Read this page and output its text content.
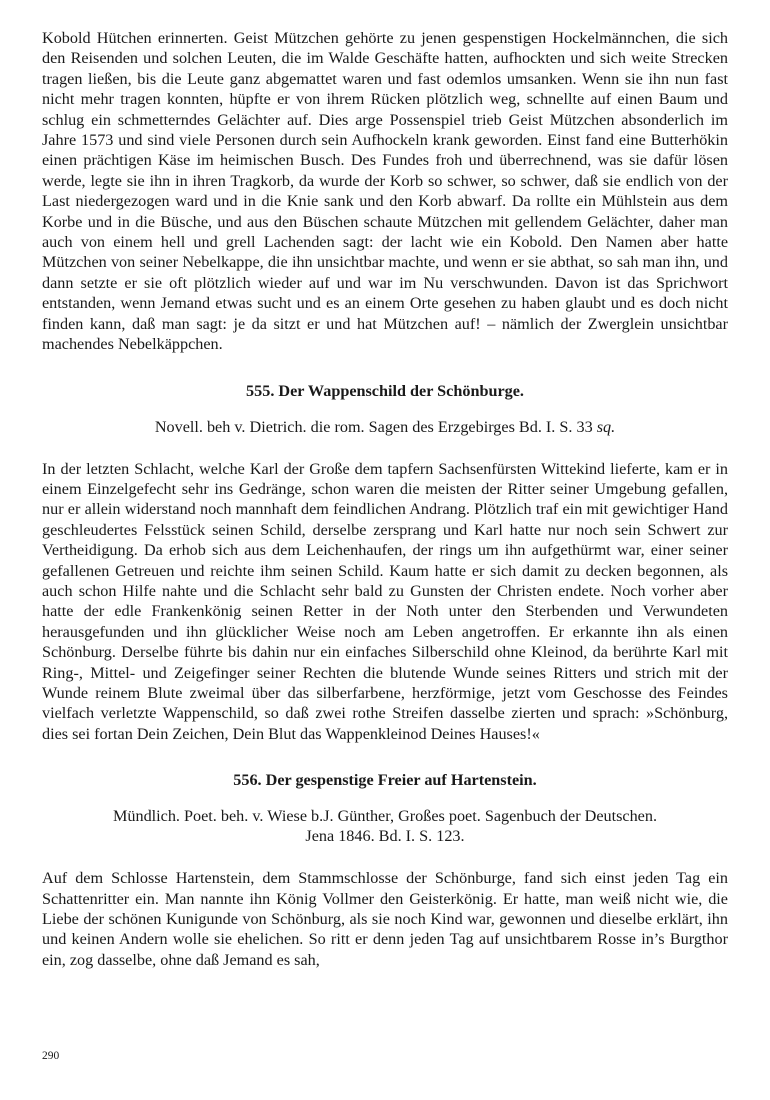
Kobold Hütchen erinnerten. Geist Mützchen gehörte zu jenen gespenstigen Hockelmännchen, die sich den Reisenden und solchen Leuten, die im Walde Geschäfte hatten, aufhockten und sich weite Strecken tragen ließen, bis die Leute ganz abgemattet waren und fast odemlos umsanken. Wenn sie ihn nun fast nicht mehr tragen konnten, hüpfte er von ihrem Rücken plötzlich weg, schnellte auf einen Baum und schlug ein schmetterndes Gelächter auf. Dies arge Possenspiel trieb Geist Mützchen absonderlich im Jahre 1573 und sind viele Personen durch sein Aufhockeln krank geworden. Einst fand eine Butterhökin einen prächtigen Käse im heimischen Busch. Des Fundes froh und überrechnend, was sie dafür lösen werde, legte sie ihn in ihren Tragkorb, da wurde der Korb so schwer, so schwer, daß sie endlich von der Last niedergezogen ward und in die Knie sank und den Korb abwarf. Da rollte ein Mühlstein aus dem Korbe und in die Büsche, und aus den Büschen schaute Mützchen mit gellendem Gelächter, daher man auch von einem hell und grell Lachenden sagt: der lacht wie ein Kobold. Den Namen aber hatte Mützchen von seiner Nebelkappe, die ihn unsichtbar machte, und wenn er sie abthat, so sah man ihn, und dann setzte er sie oft plötzlich wieder auf und war im Nu verschwunden. Davon ist das Sprichwort entstanden, wenn Jemand etwas sucht und es an einem Orte gesehen zu haben glaubt und es doch nicht finden kann, daß man sagt: je da sitzt er und hat Mützchen auf! – nämlich der Zwerglein unsichtbar machendes Nebelkäppchen.

555. Der Wappenschild der Schönburge.

Novell. beh v. Dietrich. die rom. Sagen des Erzgebirges Bd. I. S. 33 sq.

In der letzten Schlacht, welche Karl der Große dem tapfern Sachsenfürsten Wittekind lieferte, kam er in einem Einzelgefecht sehr ins Gedränge, schon waren die meisten der Ritter seiner Umgebung gefallen, nur er allein widerstand noch mannhaft dem feindlichen Andrang. Plötzlich traf ein mit gewichtiger Hand geschleudertes Felsstück seinen Schild, derselbe zersprang und Karl hatte nur noch sein Schwert zur Vertheidigung. Da erhob sich aus dem Leichenhaufen, der rings um ihn aufgethürmt war, einer seiner gefallenen Getreuen und reichte ihm seinen Schild. Kaum hatte er sich damit zu decken begonnen, als auch schon Hilfe nahte und die Schlacht sehr bald zu Gunsten der Christen endete. Noch vorher aber hatte der edle Frankenkönig seinen Retter in der Noth unter den Sterbenden und Verwundeten herausgefunden und ihn glücklicher Weise noch am Leben angetroffen. Er erkannte ihn als einen Schönburg. Derselbe führte bis dahin nur ein einfaches Silberschild ohne Kleinod, da berührte Karl mit Ring-, Mittel- und Zeigefinger seiner Rechten die blutende Wunde seines Ritters und strich mit der Wunde reinem Blute zweimal über das silberfarbene, herzförmige, jetzt vom Geschosse des Feindes vielfach verletzte Wappenschild, so daß zwei rothe Streifen dasselbe zierten und sprach: »Schönburg, dies sei fortan Dein Zeichen, Dein Blut das Wappenkleinod Deines Hauses!«

556. Der gespenstige Freier auf Hartenstein.

Mündlich. Poet. beh. v. Wiese b.J. Günther, Großes poet. Sagenbuch der Deutschen.
Jena 1846. Bd. I. S. 123.

Auf dem Schlosse Hartenstein, dem Stammschlosse der Schönburge, fand sich einst jeden Tag ein Schattenritter ein. Man nannte ihn König Vollmer den Geisterkönig. Er hatte, man weiß nicht wie, die Liebe der schönen Kunigunde von Schönburg, als sie noch Kind war, gewonnen und dieselbe erklärt, ihn und keinen Andern wolle sie ehelichen. So ritt er denn jeden Tag auf unsichtbarem Rosse in’s Burgthor ein, zog dasselbe, ohne daß Jemand es sah,

290
